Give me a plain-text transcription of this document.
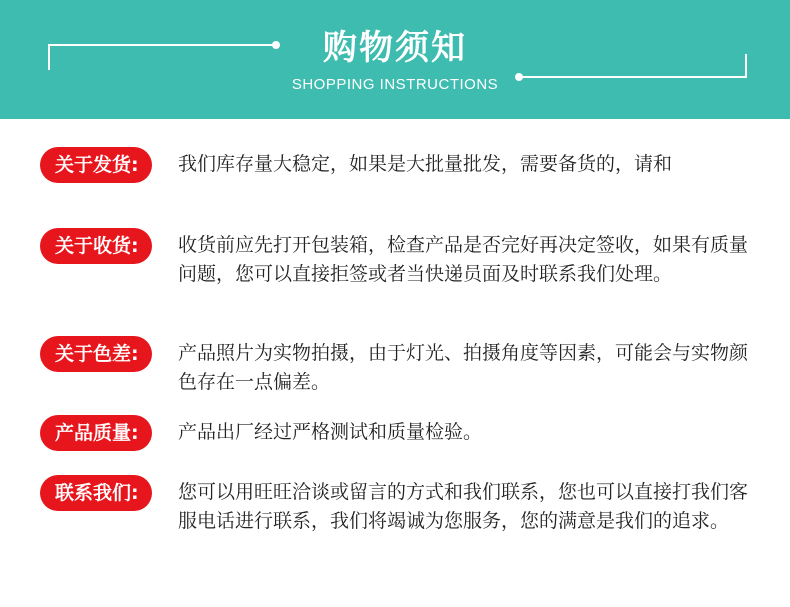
购物须知
SHOPPING INSTRUCTIONS
关于发货:	我们库存量大稳定，如果是大批量批发，需要备货的，请和
关于收货:	收货前应先打开包装箱，检查产品是否完好再决定签收，如果有质量问题，您可以直接拒签或者当快递员面及时联系我们处理。
关于色差:	产品照片为实物拍摄，由于灯光、拍摄角度等因素，可能会与实物颜色存在一点偏差。
产品质量:	产品出厂经过严格测试和质量检验。
联系我们:	您可以用旺旺洽谈或留言的方式和我们联系，您也可以直接打我们客服电话进行联系，我们将竭诚为您服务，您的满意是我们的追求。
